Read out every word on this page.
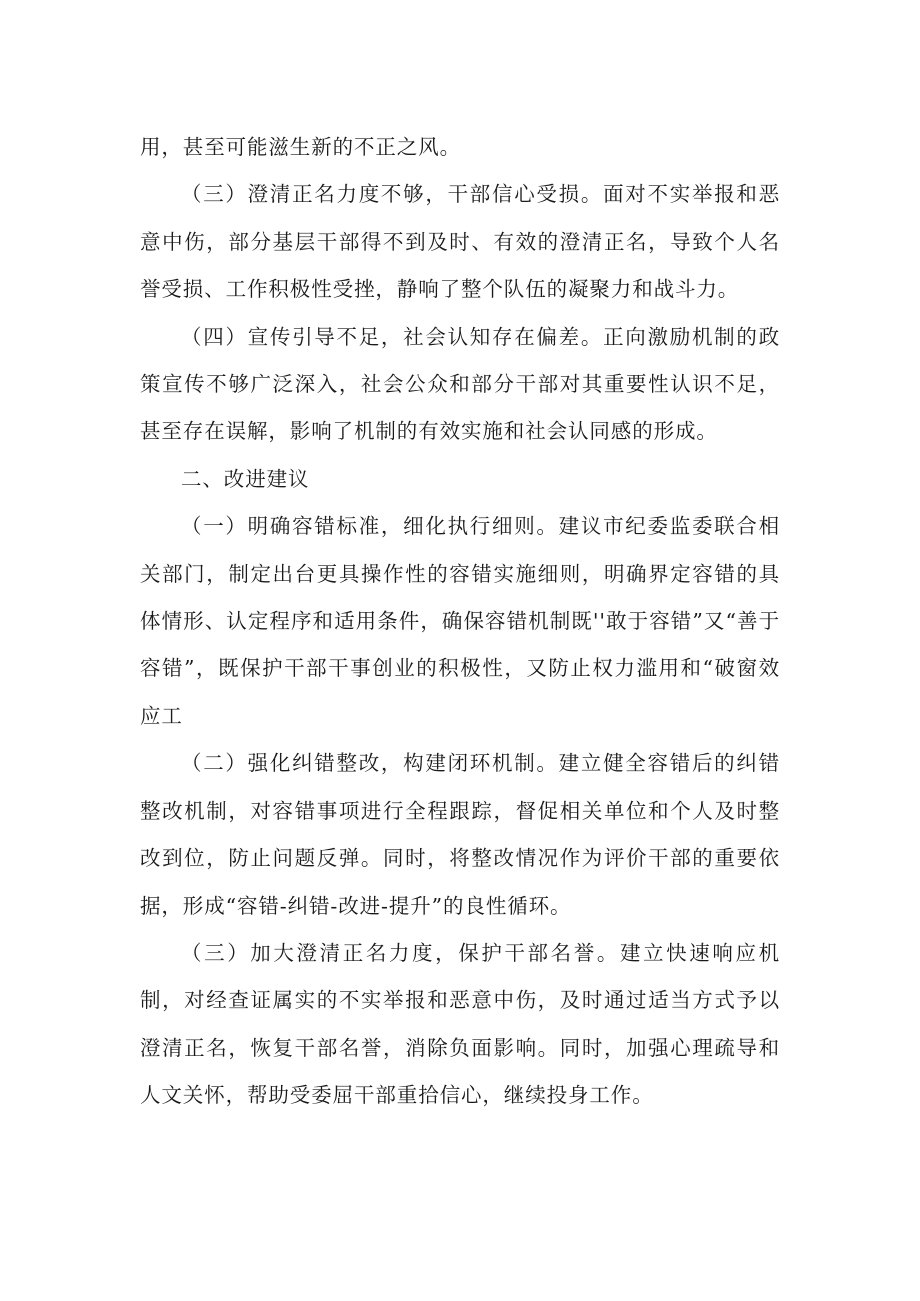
用，甚至可能滋生新的不正之风。

（三）澄清正名力度不够，干部信心受损。面对不实举报和恶意中伤，部分基层干部得不到及时、有效的澄清正名，导致个人名誉受损、工作积极性受挫，静响了整个队伍的凝聚力和战斗力。

（四）宣传引导不足，社会认知存在偏差。正向激励机制的政策宣传不够广泛深入，社会公众和部分干部对其重要性认识不足，甚至存在误解，影响了机制的有效实施和社会认同感的形成。

二、改进建议

（一）明确容错标准，细化执行细则。建议市纪委监委联合相关部门，制定出台更具操作性的容错实施细则，明确界定容错的具体情形、认定程序和适用条件，确保容错机制既''敢于容错”又“善于容错”，既保护干部干事创业的积极性，又防止权力滥用和“破窗效应工

（二）强化纠错整改，构建闭环机制。建立健全容错后的纠错整改机制，对容错事项进行全程跟踪，督促相关单位和个人及时整改到位，防止问题反弹。同时，将整改情况作为评价干部的重要依据，形成“容错-纠错-改进-提升”的良性循环。

（三）加大澄清正名力度，保护干部名誉。建立快速响应机制，对经查证属实的不实举报和恶意中伤，及时通过适当方式予以澄清正名，恢复干部名誉，消除负面影响。同时，加强心理疏导和人文关怀，帮助受委屈干部重拾信心，继续投身工作。
